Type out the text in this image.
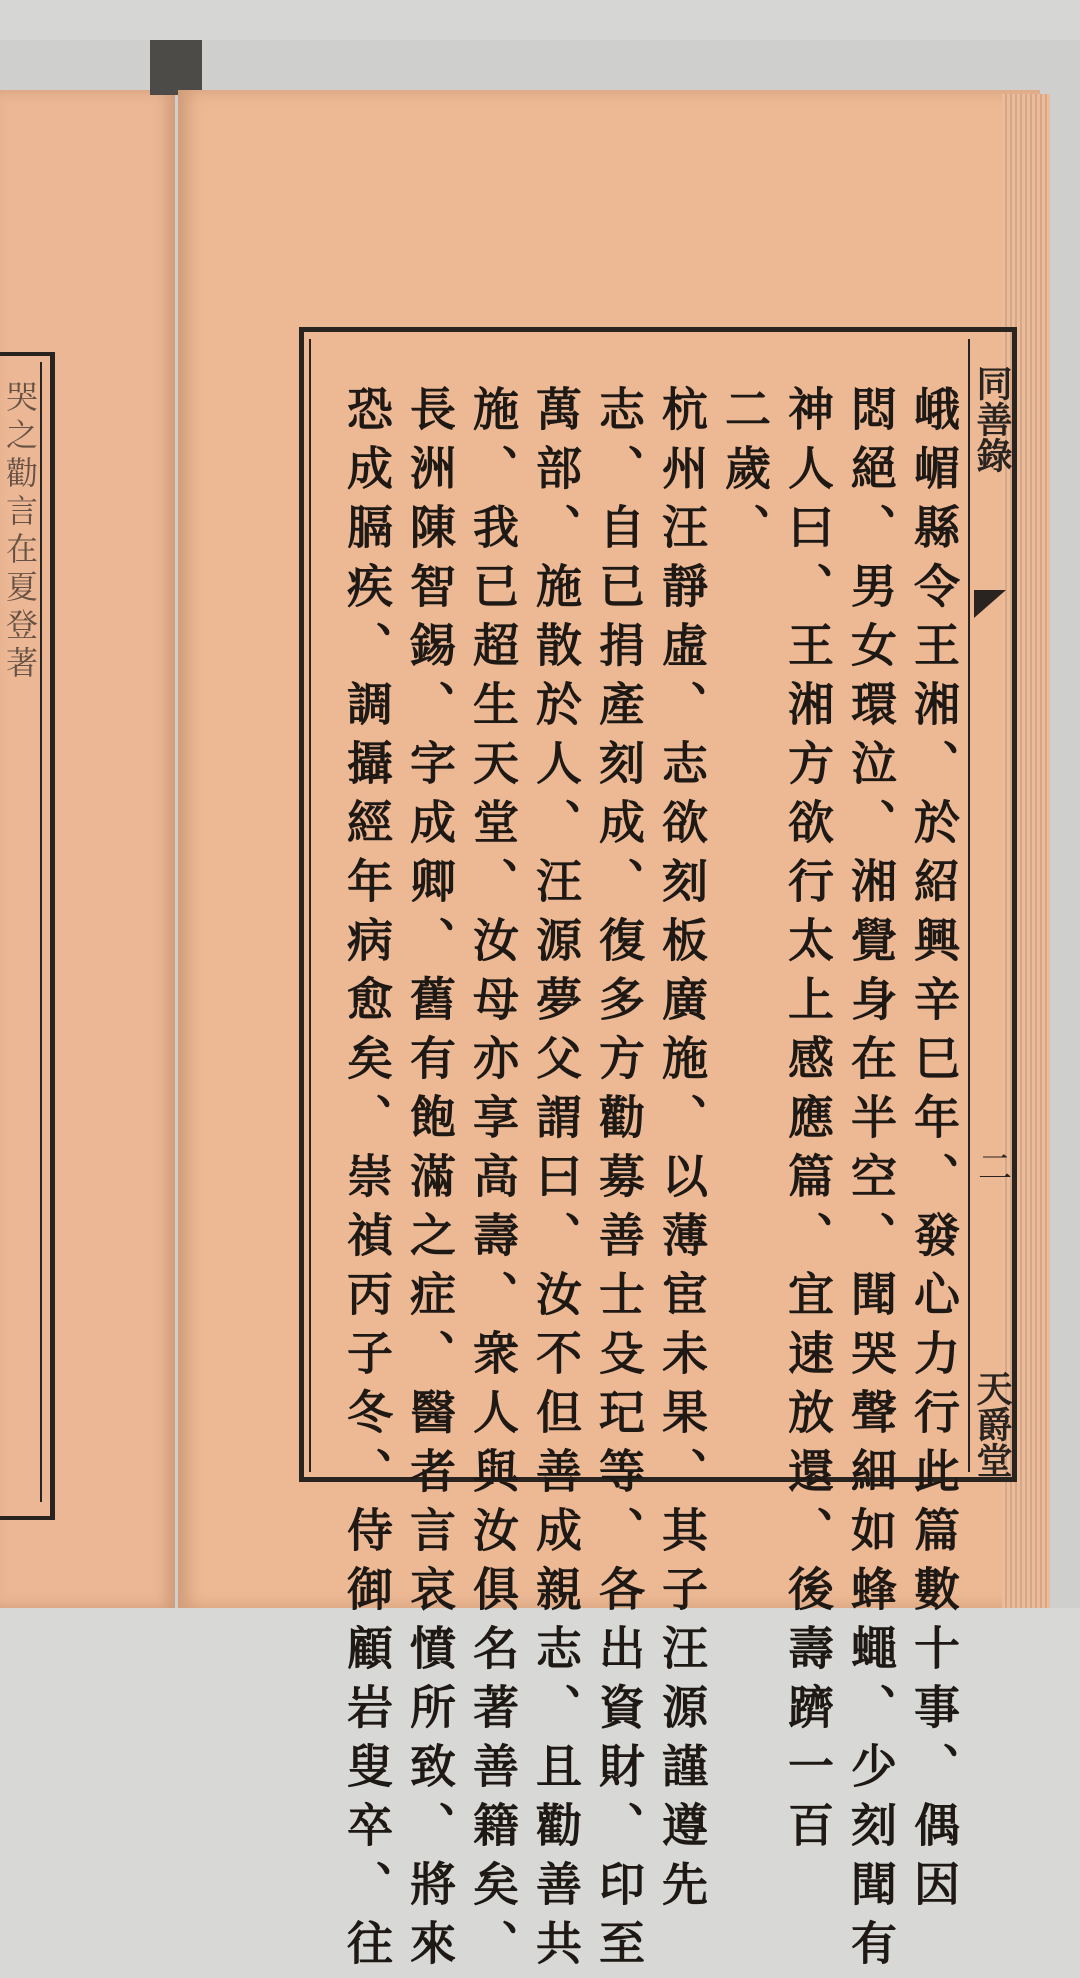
哭之勸言在夏登著	同善錄
二
天爵堂
峨嵋縣令王湘、於紹興辛巳年、發心力行此篇數十事、偶因
悶絕、男女環泣、湘覺身在半空、聞哭聲細如蜂蠅、少刻聞有
神人曰、王湘方欲行太上感應篇、宜速放還、後壽躋一百
二歲、
杭州汪靜虛、志欲刻板廣施、以薄宦未果、其子汪源謹遵先
志、自已捐產刻成、復多方勸募善士殳玘等、各出資財、印至
萬部、施散於人、汪源夢父謂曰、汝不但善成親志、且勸善共
施、我已超生天堂、汝母亦享高壽、衆人與汝俱名著善籍矣、
長洲陳智錫、字成卿、舊有飽滿之症、醫者言哀憤所致、將來
恐成膈疾、調攝經年病愈矣、崇禎丙子冬、侍御顧岩叟卒、往
